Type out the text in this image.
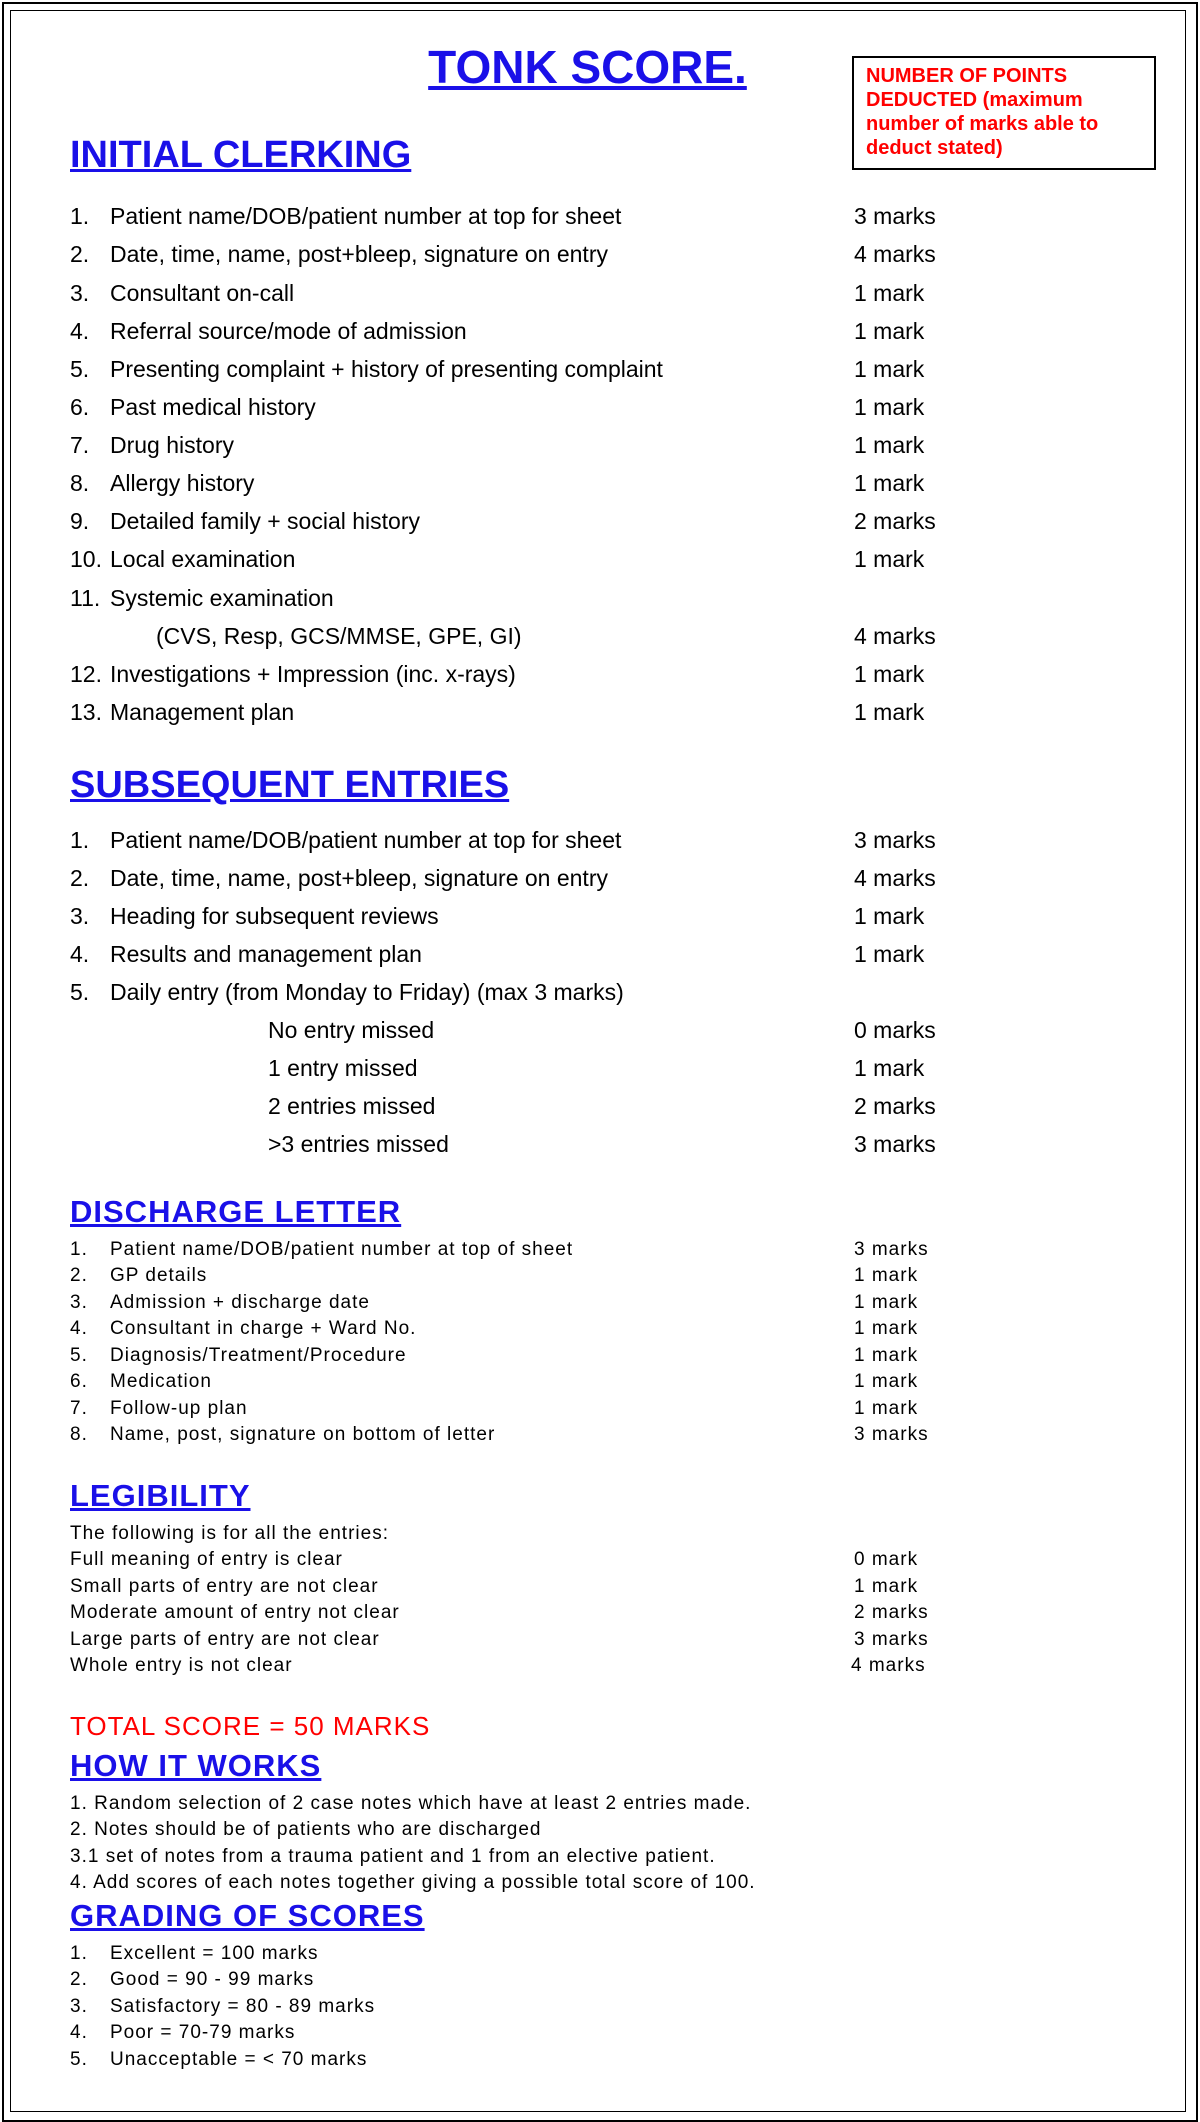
TONK SCORE.	NUMBER OF POINTS DEDUCTED (maximum number of marks able to deduct stated)
INITIAL CLERKING
1. Patient name/DOB/patient number at top for sheet	3 marks
2. Date, time, name, post+bleep, signature on entry	4 marks
3. Consultant on-call	1 mark
4. Referral source/mode of admission	1 mark
5. Presenting complaint + history of presenting complaint	1 mark
6. Past medical history	1 mark
7. Drug history	1 mark
8. Allergy history	1 mark
9. Detailed family + social history	2 marks
10. Local examination	1 mark
11. Systemic examination
(CVS, Resp, GCS/MMSE, GPE, GI)	4 marks
12. Investigations + Impression (inc. x-rays)	1 mark
13. Management plan	1 mark
SUBSEQUENT ENTRIES
1. Patient name/DOB/patient number at top for sheet	3 marks
2. Date, time, name, post+bleep, signature on entry	4 marks
3. Heading for subsequent reviews	1 mark
4. Results and management plan	1 mark
5. Daily entry (from Monday to Friday) (max 3 marks)
No entry missed	0 marks
1 entry missed	1 mark
2 entries missed	2 marks
>3 entries missed	3 marks
DISCHARGE LETTER
1. Patient name/DOB/patient number at top of sheet	3 marks
2. GP details	1 mark
3. Admission + discharge date	1 mark
4. Consultant in charge + Ward No.	1 mark
5. Diagnosis/Treatment/Procedure	1 mark
6. Medication	1 mark
7. Follow-up plan	1 mark
8. Name, post, signature on bottom of letter	3 marks
LEGIBILITY
The following is for all the entries:
Full meaning of entry is clear	0 mark
Small parts of entry are not clear	1 mark
Moderate amount of entry not clear	2 marks
Large parts of entry are not clear	3 marks
Whole entry is not clear	4 marks
TOTAL SCORE = 50 MARKS
HOW IT WORKS
1. Random selection of 2 case notes which have at least 2 entries made.
2. Notes should be of patients who are discharged
3.1 set of notes from a trauma patient and 1 from an elective patient.
4. Add scores of each notes together giving a possible total score of 100.
GRADING OF SCORES
1. Excellent = 100 marks
2. Good = 90 - 99 marks
3. Satisfactory = 80 - 89 marks
4. Poor = 70-79 marks
5. Unacceptable = < 70 marks
